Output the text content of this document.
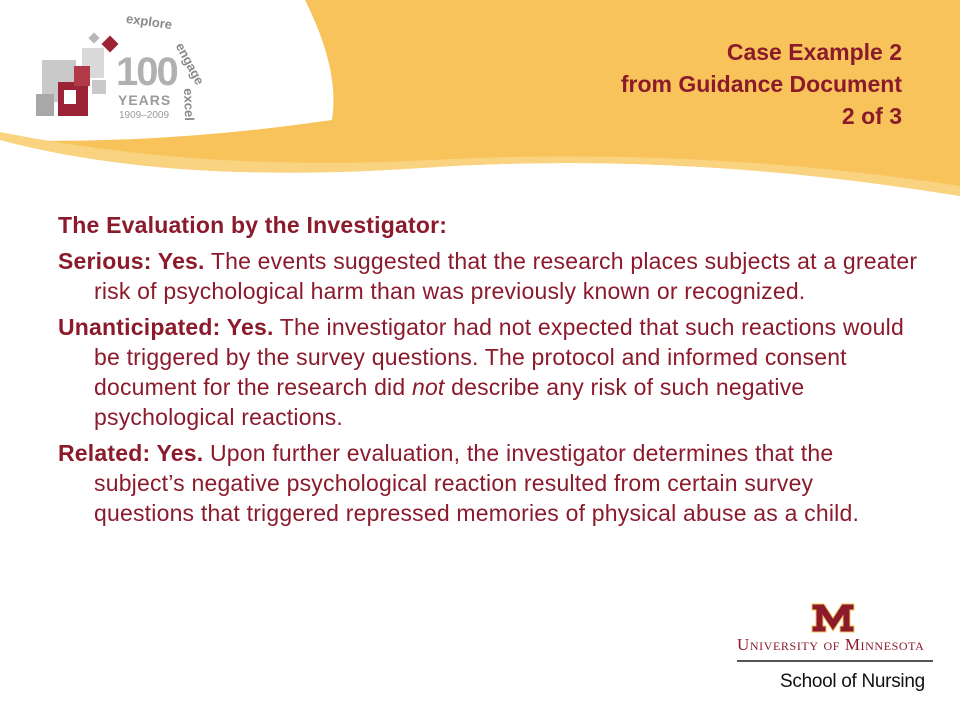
100
YEARS
1909–2009
explore
engage
excel
Case Example 2
from Guidance Document
2 of 3
The Evaluation by the Investigator:
Serious: Yes. The events suggested that the research places subjects at a greater risk of psychological harm than was previously known or recognized.
Unanticipated: Yes. The investigator had not expected that such reactions would be triggered by the survey questions. The protocol and informed consent document for the research did not describe any risk of such negative psychological reactions.
Related: Yes. Upon further evaluation, the investigator determines that the subject’s negative psychological reaction resulted from certain survey questions that triggered repressed memories of physical abuse as a child.
University of Minnesota
School of Nursing
